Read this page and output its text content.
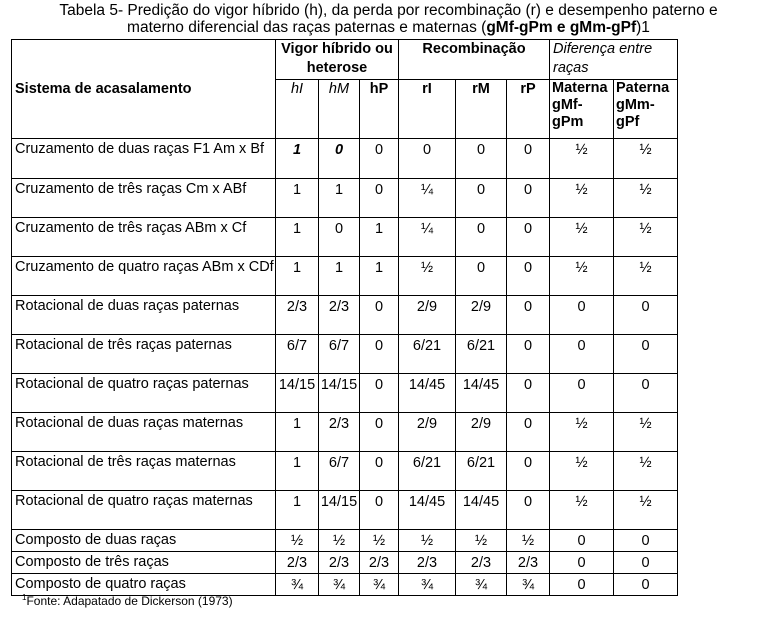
Tabela 5- Predição do vigor híbrido (h), da perda por recombinação (r) e desempenho paterno e
materno diferencial das raças paternas e maternas (gMf-gPm e gMm-gPf)1
Sistema de acasalamento	Vigor híbrido ou heterose			Recombinação			Diferença entre raças	
	hI	hM	hP	rI	rM	rP	Materna gMf-gPm	Paterna gMm-gPf
Cruzamento de duas raças F1 Am x Bf	1	0	0	0	0	0	½	½
Cruzamento de três raças Cm x ABf	1	1	0	¼	0	0	½	½
Cruzamento de três raças ABm x Cf	1	0	1	¼	0	0	½	½
Cruzamento de quatro raças ABm x CDf	1	1	1	½	0	0	½	½
Rotacional de duas raças paternas	2/3	2/3	0	2/9	2/9	0	0	0
Rotacional de três raças paternas	6/7	6/7	0	6/21	6/21	0	0	0
Rotacional de quatro raças paternas	14/15	14/15	0	14/45	14/45	0	0	0
Rotacional de duas raças maternas	1	2/3	0	2/9	2/9	0	½	½
Rotacional de três raças maternas	1	6/7	0	6/21	6/21	0	½	½
Rotacional de quatro raças maternas	1	14/15	0	14/45	14/45	0	½	½
Composto de duas raças	½	½	½	½	½	½	0	0
Composto de três raças	2/3	2/3	2/3	2/3	2/3	2/3	0	0
Composto de quatro raças	¾	¾	¾	¾	¾	¾	0	0
$^1$Fonte: Adapatado de Dickerson (1973)
